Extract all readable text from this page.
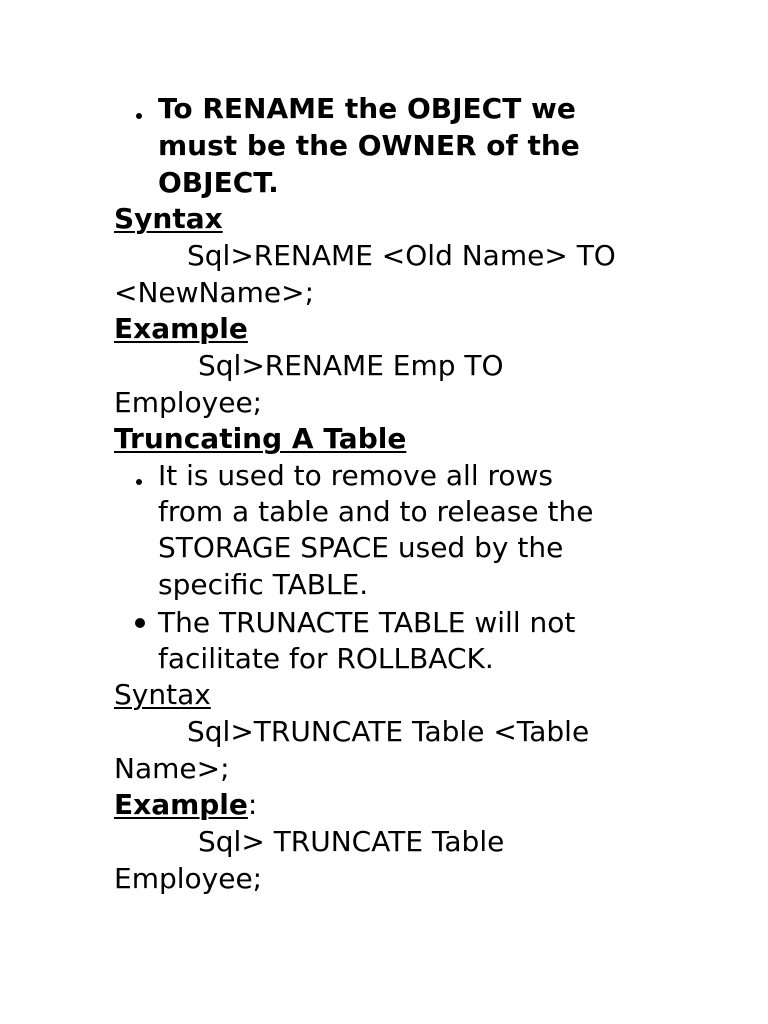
To RENAME the OBJECT we
must be the OWNER of the
OBJECT.
Syntax
Sql>RENAME <Old Name> TO
<NewName>;
Example
Sql>RENAME Emp TO
Employee;
Truncating A Table
It is used to remove all rows
from a table and to release the
STORAGE SPACE used by the
specific TABLE.
The TRUNACTE TABLE will not
facilitate for ROLLBACK.
Syntax
Sql>TRUNCATE Table <Table
Name>;
Example:
Sql> TRUNCATE Table
Employee;
